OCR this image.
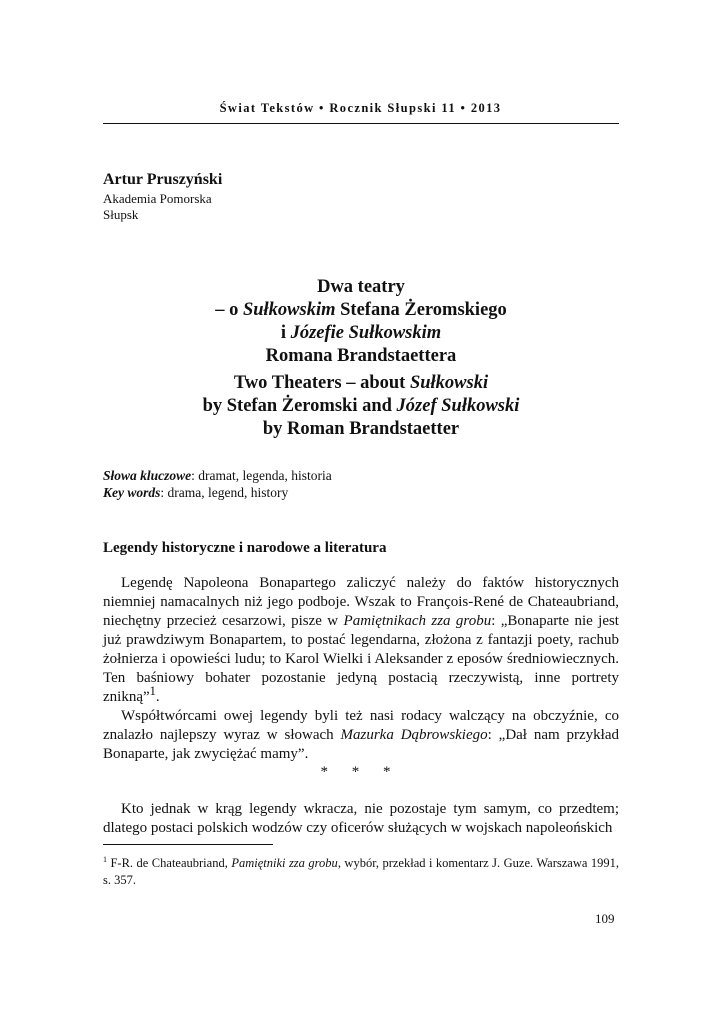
Świat Tekstów • Rocznik Słupski 11 • 2013
Artur Pruszyński
Akademia Pomorska
Słupsk
Dwa teatry
– o Sułkowskim Stefana Żeromskiego
i Józefie Sułkowskim
Romana Brandstaettera
Two Theaters – about Sułkowski
by Stefan Żeromski and Józef Sułkowski
by Roman Brandstaetter
Słowa kluczowe: dramat, legenda, historia
Key words: drama, legend, history
Legendy historyczne i narodowe a literatura

Legendę Napoleona Bonapartego zaliczyć należy do faktów historycznych niemniej namacalnych niż jego podboje. Wszak to François-René de Chateaubriand, niechętny przecież cesarzowi, pisze w Pamiętnikach zza grobu: „Bonaparte nie jest już prawdziwym Bonapartem, to postać legendarna, złożona z fantazji poety, rachub żołnierza i opowieści ludu; to Karol Wielki i Aleksander z eposów średniowiecznych. Ten baśniowy bohater pozostanie jedyną postacią rzeczywistą, inne portrety znikną”$^1$.

Współtwórcami owej legendy byli też nasi rodacy walczący na obczyźnie, co znalazło najlepszy wyraz w słowach Mazurka Dąbrowskiego: „Dał nam przykład Bonaparte, jak zwyciężać mamy”.

* * *

Kto jednak w krąg legendy wkracza, nie pozostaje tym samym, co przedtem; dlatego postaci polskich wodzów czy oficerów służących w wojskach napoleońskich

$^1$ F-R. de Chateaubriand, Pamiętniki zza grobu, wybór, przekład i komentarz J. Guze. Warszawa 1991, s. 357.
109
